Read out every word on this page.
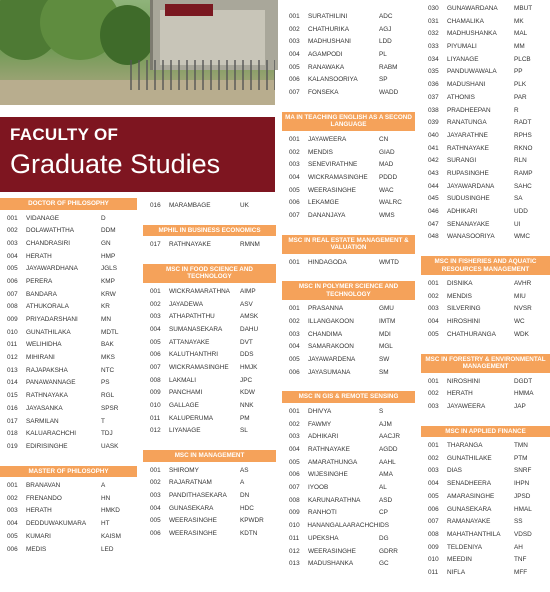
DOCTOR OF PHILOSOPHY
001	VIDANAGE	D
002	DOLAWATHTHA	DDM
003	CHANDRASIRI	GN
004	HERATH	HMP
005	JAYAWARDHANA	JGLS
006	PERERA	KMP
007	BANDARA	KRW
008	ATHUKORALA	KR
009	PRIYADARSHANI	MN
010	GUNATHILAKA	MDTL
011	WELIHIDHA	BAK
012	MIHIRANI	MKS
013	RAJAPAKSHA	NTC
014	PANAWANNAGE	PS
015	RATHNAYAKA	RGL
016	JAYASANKA	SPSR
017	SARMILAN	T
018	KALUARACHCHI	TDJ
019	EDIRISINGHE	UASK
MASTER OF PHILOSOPHY
001	BRANAVAN	A
002	FRENANDO	HN
003	HERATH	HMKD
004	DEDDUWAKUMARA	HT
005	KUMARI	KAISM
006	MEDIS	LED
016	MARAMBAGE	UK
MPHIL IN BUSINESS ECONOMICS
017	RATHNAYAKE	RMNM
MSC IN FOOD SCIENCE AND TECHNOLOGY
001	WICKRAMARATHNA	AIMP
002	JAYADEWA	ASV
003	ATHAPATHTHU	AMSK
004	SUMANASEKARA	DAHU
005	ATTANAYAKE	DVT
006	KALUTHANTHRI	DDS
007	WICKRAMASINGHE	HMJK
008	LAKMALI	JPC
009	PANCHAMI	KDW
010	GALLAGE	NNK
011	KALUPERUMA	PM
012	LIYANAGE	SL
MSC IN MANAGEMENT
001	SHIROMY	AS
002	RAJARATNAM	A
003	PANDITHASEKARA	DN
004	GUNASEKARA	HDC
005	WEERASINGHE	KPWDR
006	WEERASINGHE	KDTN
001	SURATHILINI	ADC
002	CHATHURIKA	AGJ
003	MADHUSHANI	LDD
004	AGAMPODI	PL
005	RANAWAKA	RABM
006	KALANSOORIYA	SP
007	FONSEKA	WADD
MA IN TEACHING ENGLISH AS A SECOND LANGUAGE
001	JAYAWEERA	CN
002	MENDIS	GIAD
003	SENEVIRATHNE	MAD
004	WICKRAMASINGHE	PDDD
005	WEERASINGHE	WAC
006	LEKAMGE	WALRC
007	DANANJAYA	WMS
MSC IN REAL ESTATE MANAGEMENT & VALUATION
001	HINDAGODA	WMTD
MSC IN POLYMER SCIENCE AND TECHNOLOGY
001	PRASANNA	GMU
002	ILLANGAKOON	IMTM
003	CHANDIMA	MDI
004	SAMARAKOON	MGL
005	JAYAWARDENA	SW
006	JAYASUMANA	SM
MSC IN GIS & REMOTE SENSING
001	DHIVYA	S
002	FAWMY	AJM
003	ADHIKARI	AACJR
004	RATHNAYAKE	AGDD
005	AMARATHUNGA	AAHL
006	WIJESINGHE	AMA
007	IYOOB	AL
008	KARUNARATHNA	ASD
009	RANHOTI	CP
010	HANANGALAARACHCHI DS
011	UPEKSHA	DG
012	WEERASINGHE	GDRR
013	MADUSHANKA	GC
030	GUNAWARDANA	MBUT
031	CHAMALIKA	MK
032	MADHUSHANKA	MAL
033	PIYUMALI	MM
034	LIYANAGE	PLCB
035	PANDUWAWALA	PP
036	MADUSHANI	PLK
037	ATHONIS	PAR
038	PRADHEEPAN	R
039	RANATUNGA	RADT
040	JAYARATHNE	RPHS
041	RATHNAYAKE	RKNO
042	SURANGI	RLN
043	RUPASINGHE	RAMP
044	JAYAWARDANA	SAHC
045	SUDUSINGHE	SA
046	ADHIKARI	UDD
047	SENANAYAKE	UI
048	WANASOORIYA	WMC
MSC IN FISHERIES AND AQUATIC RESOURCES MANAGEMENT
001	DISNIKA	AVHR
002	MENDIS	MIU
003	SILVERING	NVSR
004	HIROSHINI	WC
005	CHATHURANGA	WDK
MSC IN FORESTRY & ENVIRONMENTAL MANAGEMENT
001	NIROSHINI	DGDT
002	HERATH	HMMA
003	JAYAWEERA	JAP
MSC IN APPLIED FINANCE
001	THARANGA	TMN
002	GUNATHILAKE	PTM
003	DIAS	SNRF
004	SENADHEERA	IHPN
005	AMARASINGHE	JPSD
006	GUNASEKARA	HMAL
007	RAMANAYAKE	SS
008	MAHATHANTHILA	VDSD
009	TELDENIYA	AH
010	MEEDIN	TNF
011	NIFLA	MFF
FACULTY OF
Graduate Studies
